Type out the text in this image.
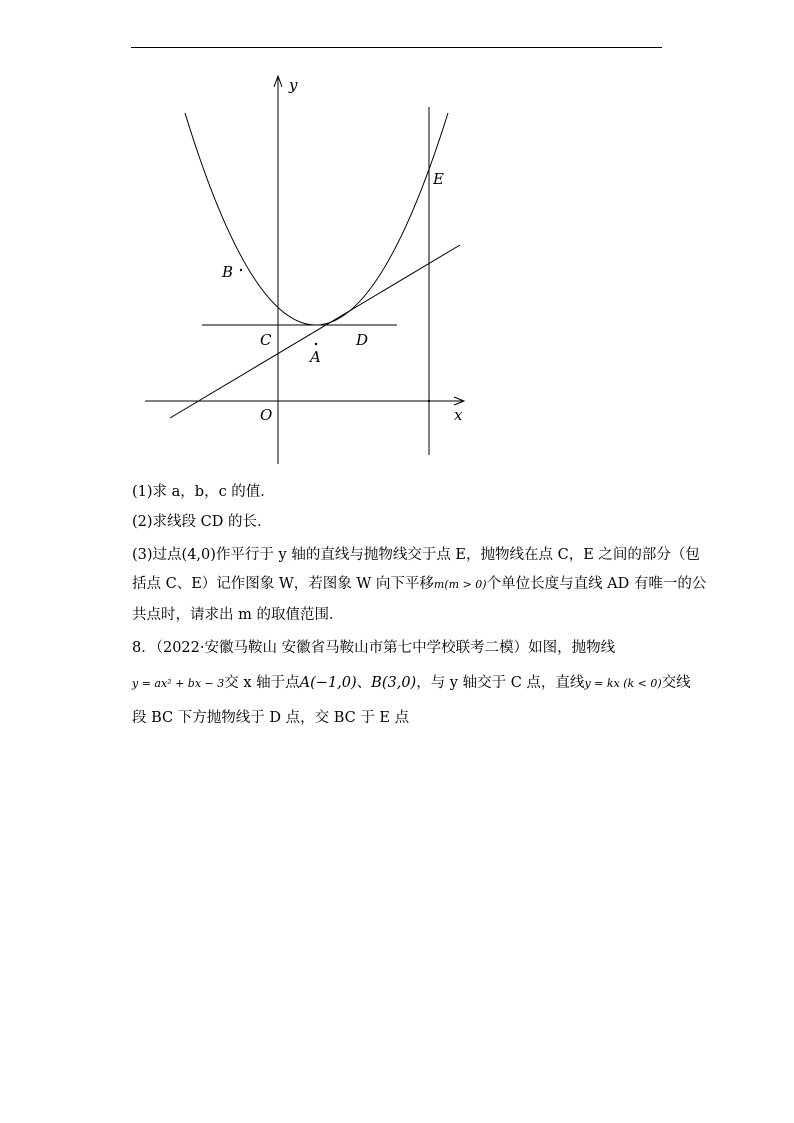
y
x
O
B
C
A
D
E
(1)求 a，b，c 的值．
(2)求线段 CD 的长．
(3)过点(4,0)作平行于 y 轴的直线与抛物线交于点 E，抛物线在点 C，E 之间的部分（包
括点 C、E）记作图象 W，若图象 W 向下平移m(m > 0)个单位长度与直线 AD 有唯一的公
共点时，请求出 m 的取值范围．
8．（2022·安徽马鞍山 安徽省马鞍山市第七中学校联考二模）如图，抛物线
y = ax² + bx − 3交 x 轴于点A(−1,0)、B(3,0)，与 y 轴交于 C 点，直线y = kx (k < 0)交线
段 BC 下方抛物线于 D 点，交 BC 于 E 点
